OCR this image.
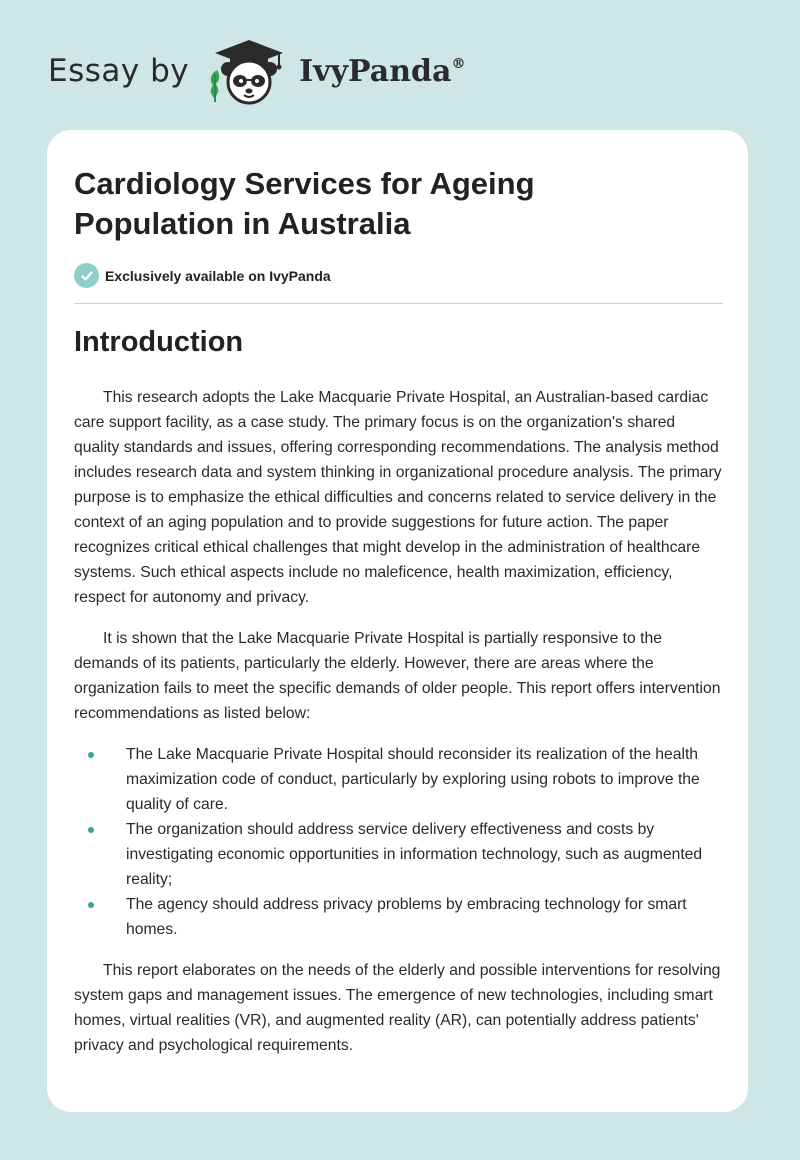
Essay by	IvyPanda®
Cardiology Services for Ageing Population in Australia
Exclusively available on IvyPanda
Introduction

This research adopts the Lake Macquarie Private Hospital, an Australian-based cardiac care support facility, as a case study. The primary focus is on the organization's shared quality standards and issues, offering corresponding recommendations. The analysis method includes research data and system thinking in organizational procedure analysis. The primary purpose is to emphasize the ethical difficulties and concerns related to service delivery in the context of an aging population and to provide suggestions for future action. The paper recognizes critical ethical challenges that might develop in the administration of healthcare systems. Such ethical aspects include no maleficence, health maximization, efficiency, respect for autonomy and privacy.

It is shown that the Lake Macquarie Private Hospital is partially responsive to the demands of its patients, particularly the elderly. However, there are areas where the organization fails to meet the specific demands of older people. This report offers intervention recommendations as listed below:

The Lake Macquarie Private Hospital should reconsider its realization of the health maximization code of conduct, particularly by exploring using robots to improve the quality of care.
The organization should address service delivery effectiveness and costs by investigating economic opportunities in information technology, such as augmented reality;
The agency should address privacy problems by embracing technology for smart homes.

This report elaborates on the needs of the elderly and possible interventions for resolving system gaps and management issues. The emergence of new technologies, including smart homes, virtual realities (VR), and augmented reality (AR), can potentially address patients' privacy and psychological requirements.
